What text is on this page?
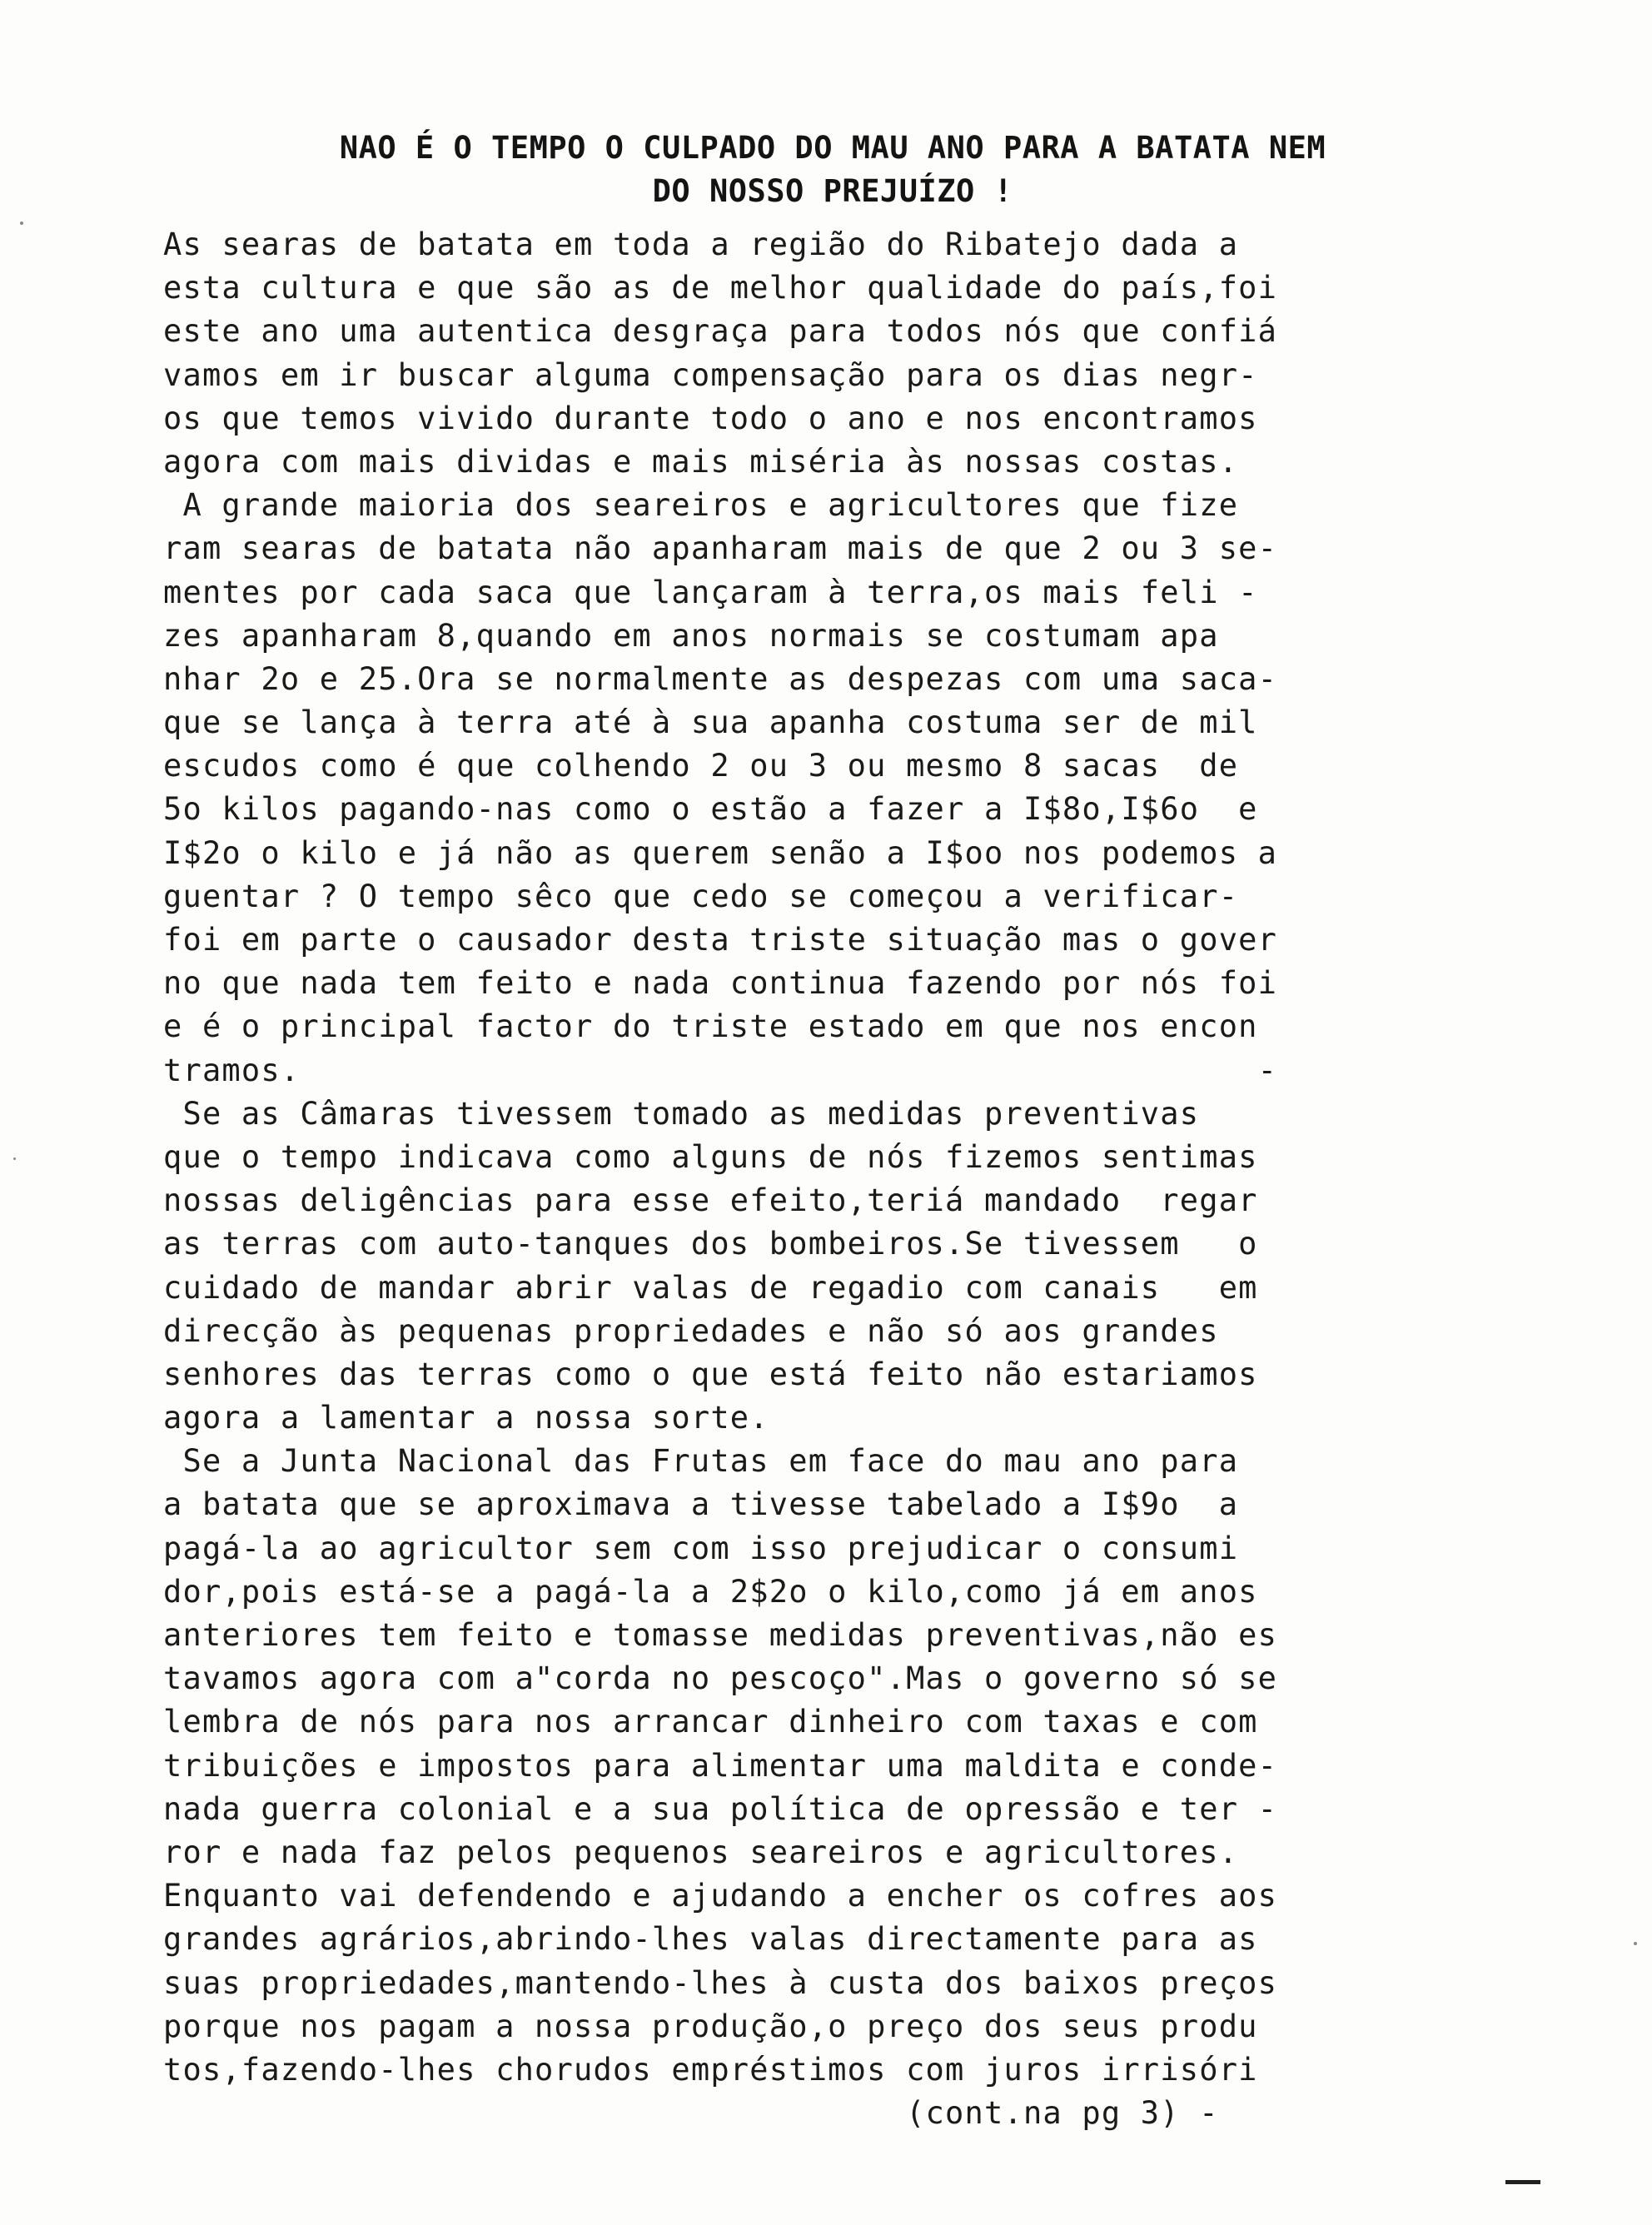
NAO É O TEMPO O CULPADO DO MAU ANO PARA A BATATA NEM
DO NOSSO PREJUÍZO !
As searas de batata em toda a região do Ribatejo dada a
esta cultura e que são as de melhor qualidade do país,foi
este ano uma autentica desgraça para todos nós que confiá
vamos em ir buscar alguma compensação para os dias negr-
os que temos vivido durante todo o ano e nos encontramos
agora com mais dividas e mais miséria às nossas costas.
A grande maioria dos seareiros e agricultores que fize
ram searas de batata não apanharam mais de que 2 ou 3 se-
mentes por cada saca que lançaram à terra,os mais feli -
zes apanharam 8,quando em anos normais se costumam apa
nhar 2o e 25.Ora se normalmente as despezas com uma saca-
que se lança à terra até à sua apanha costuma ser de mil
escudos como é que colhendo 2 ou 3 ou mesmo 8 sacas  de
5o kilos pagando-nas como o estão a fazer a I$8o,I$6o  e
I$2o o kilo e já não as querem senão a I$oo nos podemos a
guentar ? O tempo sêco que cedo se começou a verificar-
foi em parte o causador desta triste situação mas o gover
no que nada tem feito e nada continua fazendo por nós foi
e é o principal factor do triste estado em que nos encon
tramos.                                                 -
Se as Câmaras tivessem tomado as medidas preventivas
que o tempo indicava como alguns de nós fizemos sentimas
nossas deligências para esse efeito,teriá mandado  regar
as terras com auto-tanques dos bombeiros.Se tivessem   o
cuidado de mandar abrir valas de regadio com canais   em
direcção às pequenas propriedades e não só aos grandes
senhores das terras como o que está feito não estariamos
agora a lamentar a nossa sorte.
Se a Junta Nacional das Frutas em face do mau ano para
a batata que se aproximava a tivesse tabelado a I$9o  a
pagá-la ao agricultor sem com isso prejudicar o consumi
dor,pois está-se a pagá-la a 2$2o o kilo,como já em anos
anteriores tem feito e tomasse medidas preventivas,não es
tavamos agora com a"corda no pescoço".Mas o governo só se
lembra de nós para nos arrancar dinheiro com taxas e com
tribuições e impostos para alimentar uma maldita e conde-
nada guerra colonial e a sua política de opressão e ter -
ror e nada faz pelos pequenos seareiros e agricultores.
Enquanto vai defendendo e ajudando a encher os cofres aos
grandes agrários,abrindo-lhes valas directamente para as
suas propriedades,mantendo-lhes à custa dos baixos preços
porque nos pagam a nossa produção,o preço dos seus produ
tos,fazendo-lhes chorudos empréstimos com juros irrisóri
(cont.na pg 3) -
